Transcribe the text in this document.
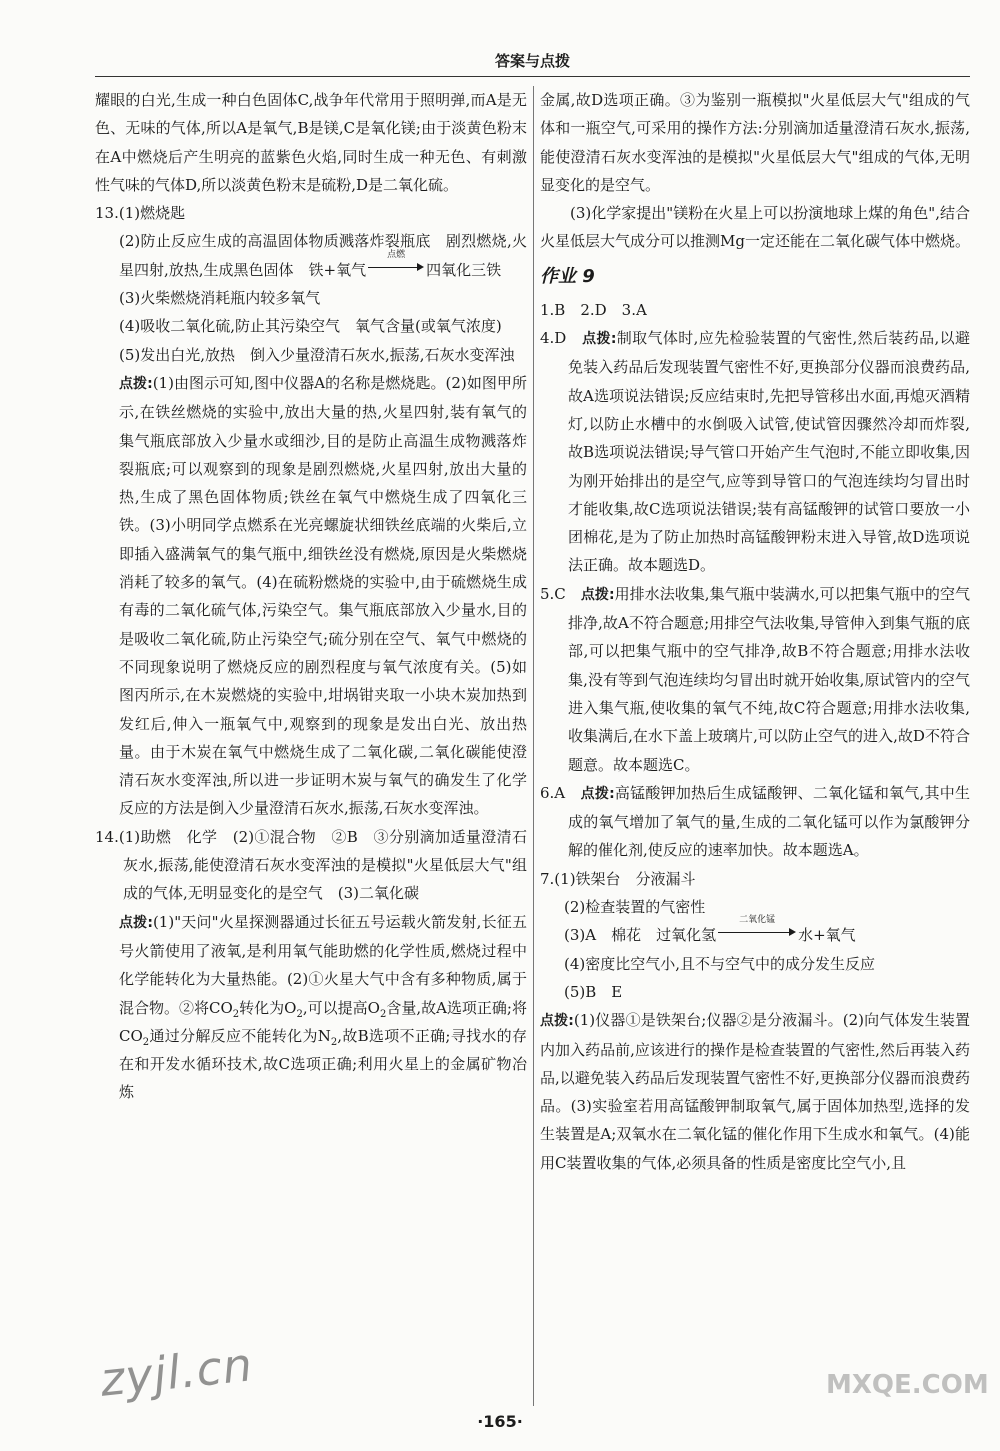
答案与点拨

耀眼的白光,生成一种白色固体C,战争年代常用于照明弹,而A是无色、无味的气体,所以A是氧气,B是镁,C是氧化镁;由于淡黄色粉末在A中燃烧后产生明亮的蓝紫色火焰,同时生成一种无色、有刺激性气味的气体D,所以淡黄色粉末是硫粉,D是二氧化硫。

13.(1)燃烧匙

(2)防止反应生成的高温固体物质溅落炸裂瓶底　剧烈燃烧,火星四射,放热,生成黑色固体　铁+氧气
点燃
四氧化三铁

(3)火柴燃烧消耗瓶内较多氧气

(4)吸收二氧化硫,防止其污染空气　氧气含量(或氧气浓度)

(5)发出白光,放热　倒入少量澄清石灰水,振荡,石灰水变浑浊

点拨:(1)由图示可知,图中仪器A的名称是燃烧匙。(2)如图甲所示,在铁丝燃烧的实验中,放出大量的热,火星四射,装有氧气的集气瓶底部放入少量水或细沙,目的是防止高温生成物溅落炸裂瓶底;可以观察到的现象是剧烈燃烧,火星四射,放出大量的热,生成了黑色固体物质;铁丝在氧气中燃烧生成了四氧化三铁。(3)小明同学点燃系在光亮螺旋状细铁丝底端的火柴后,立即插入盛满氧气的集气瓶中,细铁丝没有燃烧,原因是火柴燃烧消耗了较多的氧气。(4)在硫粉燃烧的实验中,由于硫燃烧生成有毒的二氧化硫气体,污染空气。集气瓶底部放入少量水,目的是吸收二氧化硫,防止污染空气;硫分别在空气、氧气中燃烧的不同现象说明了燃烧反应的剧烈程度与氧气浓度有关。(5)如图丙所示,在木炭燃烧的实验中,坩埚钳夹取一小块木炭加热到发红后,伸入一瓶氧气中,观察到的现象是发出白光、放出热量。由于木炭在氧气中燃烧生成了二氧化碳,二氧化碳能使澄清石灰水变浑浊,所以进一步证明木炭与氧气的确发生了化学反应的方法是倒入少量澄清石灰水,振荡,石灰水变浑浊。

14.(1)助燃　化学　(2)①混合物　②B　③分别滴加适量澄清石灰水,振荡,能使澄清石灰水变浑浊的是模拟"火星低层大气"组成的气体,无明显变化的是空气　(3)二氧化碳

点拨:(1)"天问"火星探测器通过长征五号运载火箭发射,长征五号火箭使用了液氧,是利用氧气能助燃的化学性质,燃烧过程中化学能转化为大量热能。(2)①火星大气中含有多种物质,属于混合物。②将$CO_2$转化为$O_2$,可以提高$O_2$含量,故A选项正确;将$CO_2$通过分解反应不能转化为$N_2$,故B选项不正确;寻找水的存在和开发水循环技术,故C选项正确;利用火星上的金属矿物冶炼

金属,故D选项正确。③为鉴别一瓶模拟"火星低层大气"组成的气体和一瓶空气,可采用的操作方法:分别滴加适量澄清石灰水,振荡,能使澄清石灰水变浑浊的是模拟"火星低层大气"组成的气体,无明显变化的是空气。

(3)化学家提出"镁粉在火星上可以扮演地球上煤的角色",结合火星低层大气成分可以推测Mg一定还能在二氧化碳气体中燃烧。

作业 9

1.B　2.D　3.A

4.D　点拨:制取气体时,应先检验装置的气密性,然后装药品,以避免装入药品后发现装置气密性不好,更换部分仪器而浪费药品,故A选项说法错误;反应结束时,先把导管移出水面,再熄灭酒精灯,以防止水槽中的水倒吸入试管,使试管因骤然冷却而炸裂,故B选项说法错误;导气管口开始产生气泡时,不能立即收集,因为刚开始排出的是空气,应等到导管口的气泡连续均匀冒出时才能收集,故C选项说法错误;装有高锰酸钾的试管口要放一小团棉花,是为了防止加热时高锰酸钾粉末进入导管,故D选项说法正确。故本题选D。

5.C　点拨:用排水法收集,集气瓶中装满水,可以把集气瓶中的空气排净,故A不符合题意;用排空气法收集,导管伸入到集气瓶的底部,可以把集气瓶中的空气排净,故B不符合题意;用排水法收集,没有等到气泡连续均匀冒出时就开始收集,原试管内的空气进入集气瓶,使收集的氧气不纯,故C符合题意;用排水法收集,收集满后,在水下盖上玻璃片,可以防止空气的进入,故D不符合题意。故本题选C。

6.A　点拨:高锰酸钾加热后生成锰酸钾、二氧化锰和氧气,其中生成的氧气增加了氧气的量,生成的二氧化锰可以作为氯酸钾分解的催化剂,使反应的速率加快。故本题选A。

7.(1)铁架台　分液漏斗

(2)检查装置的气密性

(3)A　棉花　过氧化氢
二氧化锰
水+氧气

(4)密度比空气小,且不与空气中的成分发生反应

(5)B　E

点拨:(1)仪器①是铁架台;仪器②是分液漏斗。(2)向气体发生装置内加入药品前,应该进行的操作是检查装置的气密性,然后再装入药品,以避免装入药品后发现装置气密性不好,更换部分仪器而浪费药品。(3)实验室若用高锰酸钾制取氧气,属于固体加热型,选择的发生装置是A;双氧水在二氧化锰的催化作用下生成水和氧气。(4)能用C装置收集的气体,必须具备的性质是密度比空气小,且

·165·
zyjl.cn	MXQE.COM
